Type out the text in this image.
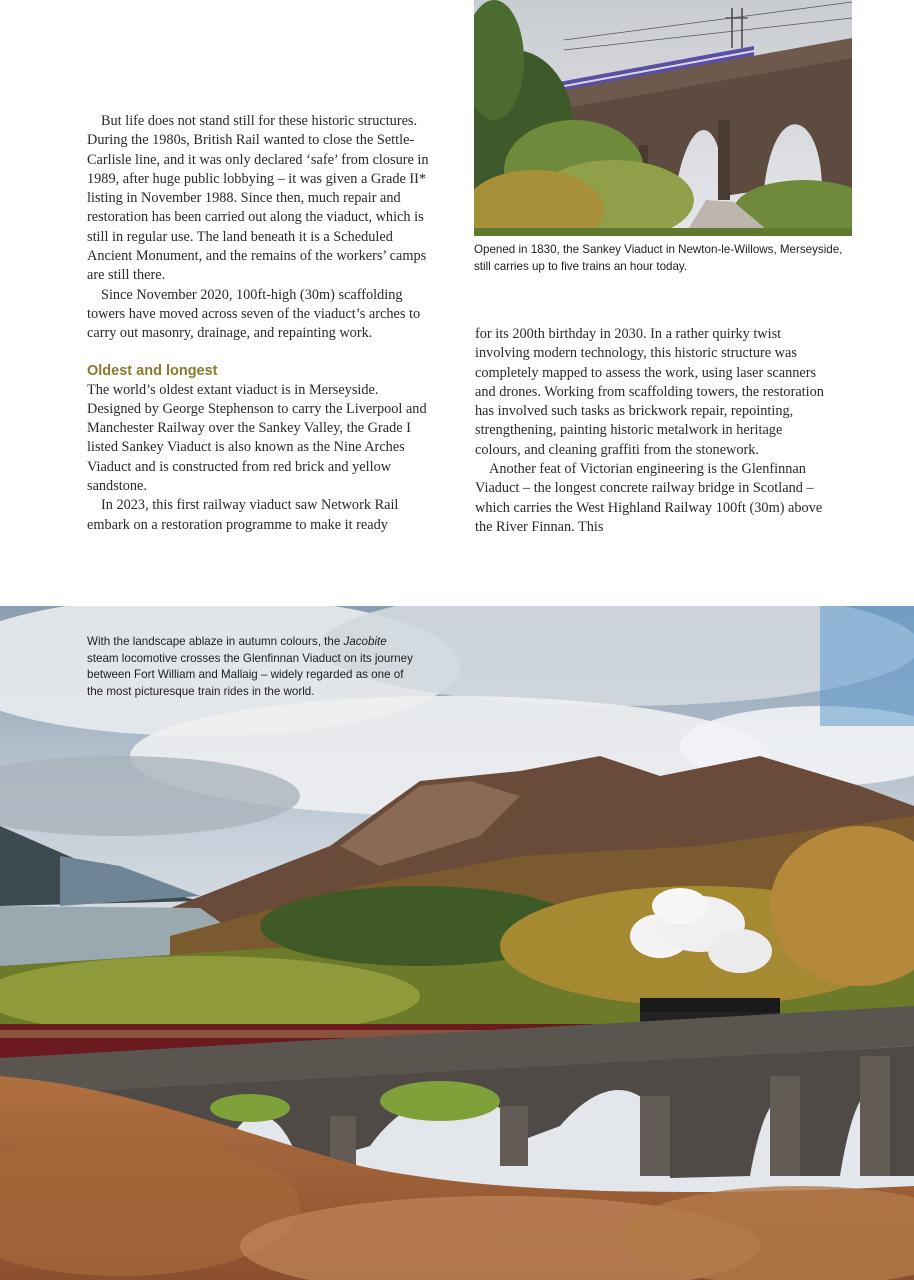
Opened in 1830, the Sankey Viaduct in Newton-le-Willows, Merseyside, still carries up to five trains an hour today.

But life does not stand still for these historic structures. During the 1980s, British Rail wanted to close the Settle-Carlisle line, and it was only declared ‘safe’ from closure in 1989, after huge public lobbying – it was given a Grade II* listing in November 1988. Since then, much repair and restoration has been carried out along the viaduct, which is still in regular use. The land beneath it is a Scheduled Ancient Monument, and the remains of the workers’ camps are still there.

Since November 2020, 100ft-high (30m) scaffolding towers have moved across seven of the viaduct’s arches to carry out masonry, drainage, and repainting work.

Oldest and longest

The world’s oldest extant viaduct is in Merseyside. Designed by George Stephenson to carry the Liverpool and Manchester Railway over the Sankey Valley, the Grade I listed Sankey Viaduct is also known as the Nine Arches Viaduct and is constructed from red brick and yellow sandstone.

In 2023, this first railway viaduct saw Network Rail embark on a restoration programme to make it ready

for its 200th birthday in 2030. In a rather quirky twist involving modern technology, this historic structure was completely mapped to assess the work, using laser scanners and drones. Working from scaffolding towers, the restoration has involved such tasks as brickwork repair, repointing, strengthening, painting historic metalwork in heritage colours, and cleaning graffiti from the stonework.

Another feat of Victorian engineering is the Glenfinnan Viaduct – the longest concrete railway bridge in Scotland – which carries the West Highland Railway 100ft (30m) above the River Finnan. This

With the landscape ablaze in autumn colours, the Jacobite steam locomotive crosses the Glenfinnan Viaduct on its journey between Fort William and Mallaig – widely regarded as one of the most picturesque train rides in the world.
